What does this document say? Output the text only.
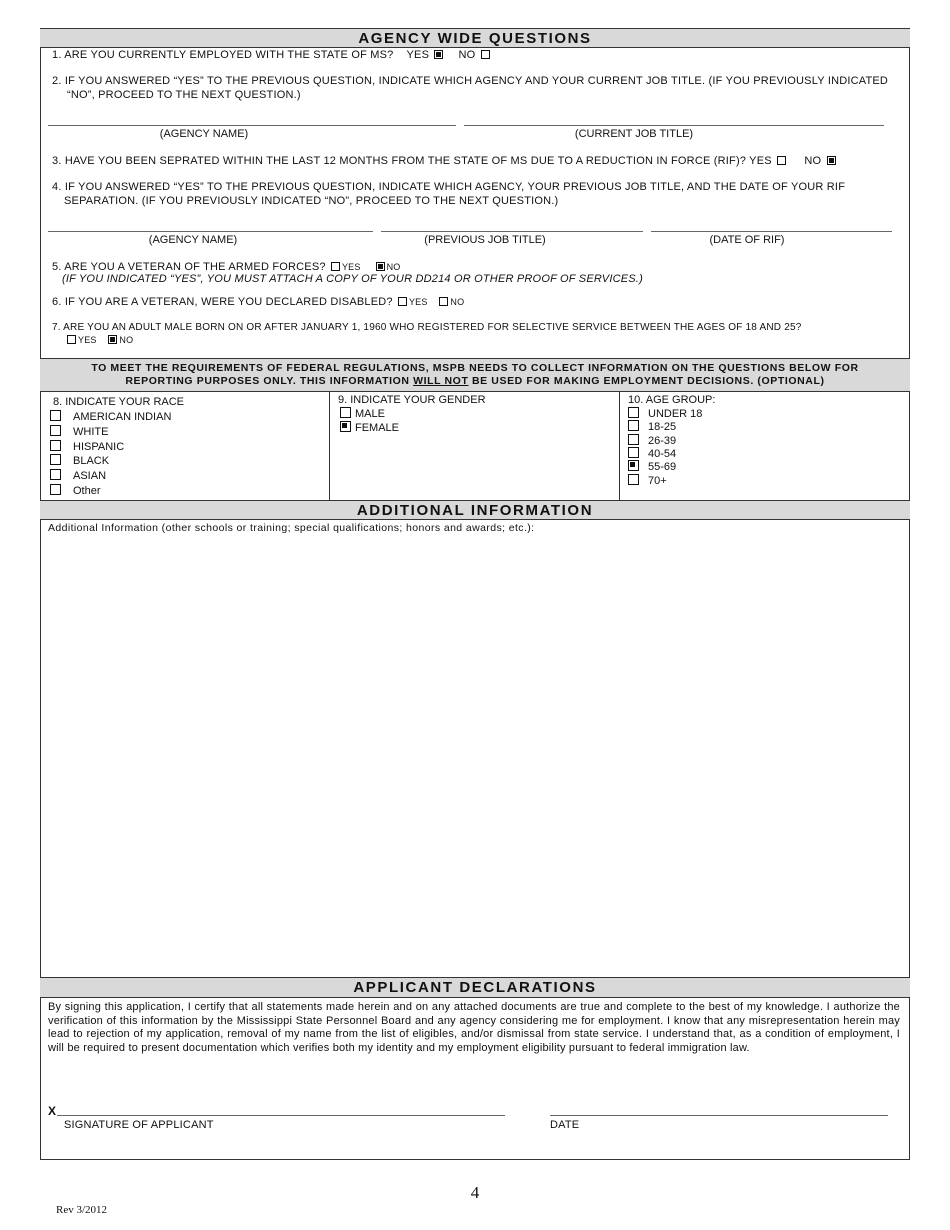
AGENCY WIDE QUESTIONS
1. ARE YOU CURRENTLY EMPLOYED WITH THE STATE OF MS? YES	NO
2. IF YOU ANSWERED “YES” TO THE PREVIOUS QUESTION, INDICATE WHICH AGENCY AND YOUR CURRENT JOB TITLE. (IF YOU PREVIOUSLY INDICATED
“NO”, PROCEED TO THE NEXT QUESTION.)
(AGENCY NAME)	(CURRENT JOB TITLE)
3. HAVE YOU BEEN SEPRATED WITHIN THE LAST 12 MONTHS FROM THE STATE OF MS DUE TO A REDUCTION IN FORCE (RIF)? YES	NO
4. IF YOU ANSWERED “YES” TO THE PREVIOUS QUESTION, INDICATE WHICH AGENCY, YOUR PREVIOUS JOB TITLE, AND THE DATE OF YOUR RIF
SEPARATION. (IF YOU PREVIOUSLY INDICATED “NO”, PROCEED TO THE NEXT QUESTION.)
(AGENCY NAME)	(PREVIOUS JOB TITLE)	(DATE OF RIF)
5. ARE YOU A VETERAN OF THE ARMED FORCES? YES	NO
(IF YOU INDICATED “YES”, YOU MUST ATTACH A COPY OF YOUR DD214 OR OTHER PROOF OF SERVICES.)
6. IF YOU ARE A VETERAN, WERE YOU DECLARED DISABLED? YES	NO
7. ARE YOU AN ADULT MALE BORN ON OR AFTER JANUARY 1, 1960 WHO REGISTERED FOR SELECTIVE SERVICE BETWEEN THE AGES OF 18 AND 25?
YES	NO
TO MEET THE REQUIREMENTS OF FEDERAL REGULATIONS, MSPB NEEDS TO COLLECT INFORMATION ON THE QUESTIONS BELOW FOR
REPORTING PURPOSES ONLY. THIS INFORMATION WILL NOT BE USED FOR MAKING EMPLOYMENT DECISIONS. (OPTIONAL)
8. INDICATE YOUR RACE
AMERICAN INDIAN
WHITE
HISPANIC
BLACK
ASIAN
Other
9. INDICATE YOUR GENDER
MALE
FEMALE
10. AGE GROUP:
UNDER 18
18-25
26-39
40-54
55-69
70+
ADDITIONAL INFORMATION
Additional Information (other schools or training; special qualifications; honors and awards; etc.):
APPLICANT DECLARATIONS
By signing this application, I certify that all statements made herein and on any attached documents are true and complete to the best of my knowledge. I authorize the verification of this information by the Mississippi State Personnel Board and any agency considering me for employment. I know that any misrepresentation herein may lead to rejection of my application, removal of my name from the list of eligibles, and/or dismissal from state service. I understand that, as a condition of employment, I will be required to present documentation which verifies both my identity and my employment eligibility pursuant to federal immigration law.
X
SIGNATURE OF APPLICANT	DATE
4
Rev 3/2012
